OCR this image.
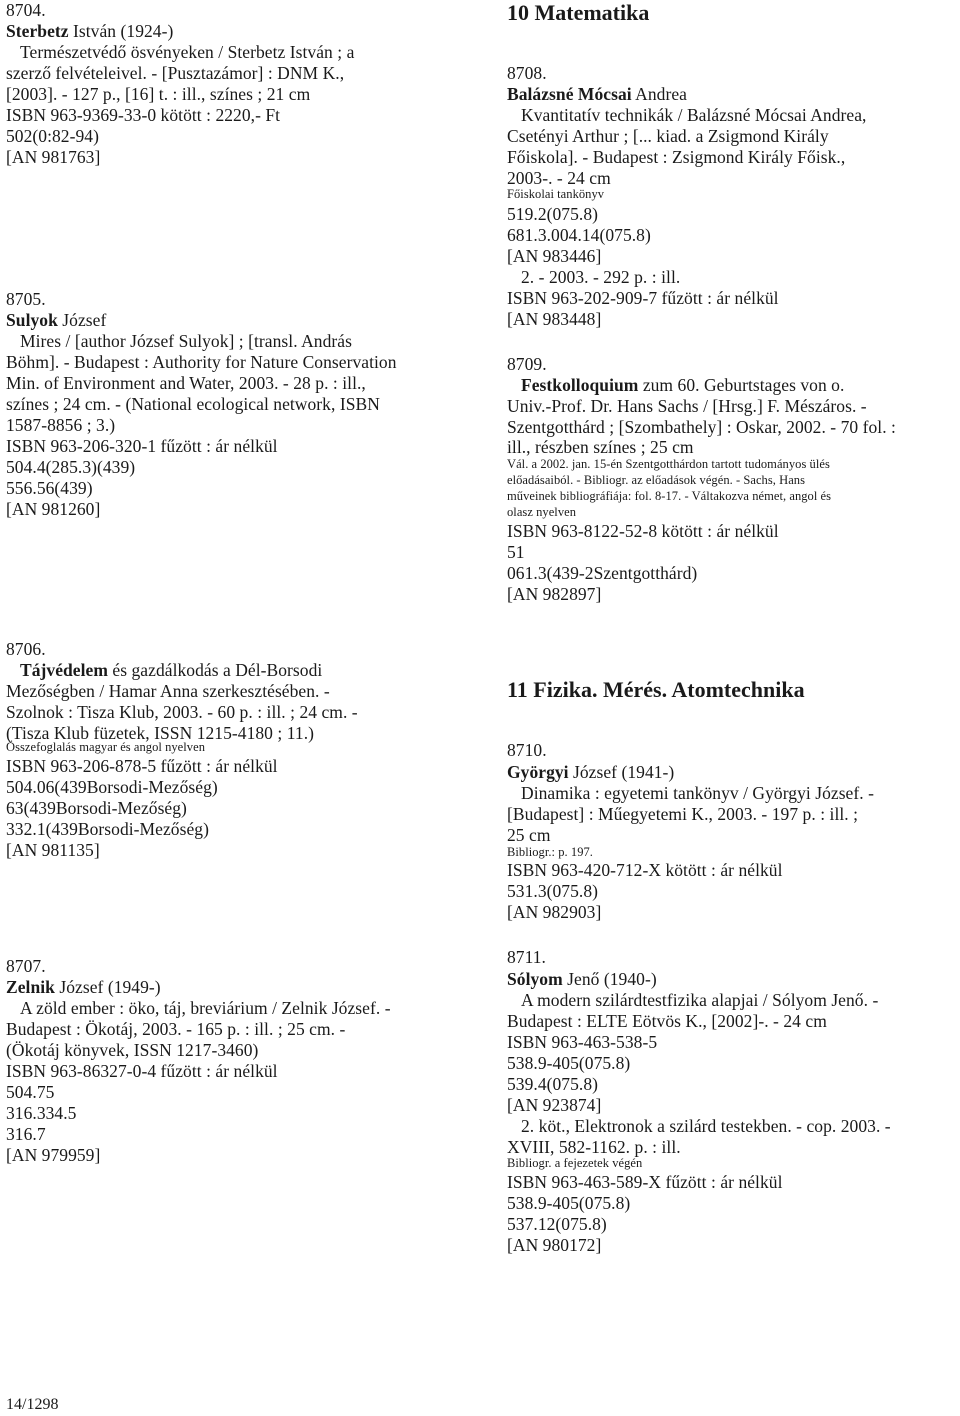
8704.
Sterbetz István (1924-)
Természetvédő ösvényeken / Sterbetz István ; a
szerző felvételeivel. - [Pusztazámor] : DNM K.,
[2003]. - 127 p., [16] t. : ill., színes ; 21 cm
ISBN 963-9369-33-0 kötött : 2220,- Ft
502(0:82-94)
[AN 981763]
8705.
Sulyok József
Mires / [author József Sulyok] ; [transl. András
Böhm]. - Budapest : Authority for Nature Conservation
Min. of Environment and Water, 2003. - 28 p. : ill.,
színes ; 24 cm. - (National ecological network, ISBN
1587-8856 ; 3.)
ISBN 963-206-320-1 fűzött : ár nélkül
504.4(285.3)(439)
556.56(439)
[AN 981260]
8706.
Tájvédelem és gazdálkodás a Dél-Borsodi
Mezőségben / Hamar Anna szerkesztésében. -
Szolnok : Tisza Klub, 2003. - 60 p. : ill. ; 24 cm. -
(Tisza Klub füzetek, ISSN 1215-4180 ; 11.)
Összefoglalás magyar és angol nyelven
ISBN 963-206-878-5 fűzött : ár nélkül
504.06(439Borsodi-Mezőség)
63(439Borsodi-Mezőség)
332.1(439Borsodi-Mezőség)
[AN 981135]
8707.
Zelnik József (1949-)
A zöld ember : öko, táj, breviárium / Zelnik József. -
Budapest : Ökotáj, 2003. - 165 p. : ill. ; 25 cm. -
(Ökotáj könyvek, ISSN 1217-3460)
ISBN 963-86327-0-4 fűzött : ár nélkül
504.75
316.334.5
316.7
[AN 979959]
10 Matematika
8708.
Balázsné Mócsai Andrea
Kvantitatív technikák / Balázsné Mócsai Andrea,
Csetényi Arthur ; [... kiad. a Zsigmond Király
Főiskola]. - Budapest : Zsigmond Király Főisk.,
2003-. - 24 cm
Főiskolai tankönyv
519.2(075.8)
681.3.004.14(075.8)
[AN 983446]
2. - 2003. - 292 p. : ill.
ISBN 963-202-909-7 fűzött : ár nélkül
[AN 983448]
8709.
Festkolloquium zum 60. Geburtstages von o.
Univ.-Prof. Dr. Hans Sachs / [Hrsg.] F. Mészáros. -
Szentgotthárd ; [Szombathely] : Oskar, 2002. - 70 fol. :
ill., részben színes ; 25 cm
Vál. a 2002. jan. 15-én Szentgotthárdon tartott tudományos ülés
előadásaiból. - Bibliogr. az előadások végén. - Sachs, Hans
műveinek bibliográfiája: fol. 8-17. - Váltakozva német, angol és
olasz nyelven
ISBN 963-8122-52-8 kötött : ár nélkül
51
061.3(439-2Szentgotthárd)
[AN 982897]
11 Fizika. Mérés. Atomtechnika
8710.
Györgyi József (1941-)
Dinamika : egyetemi tankönyv / Györgyi József. -
[Budapest] : Műegyetemi K., 2003. - 197 p. : ill. ;
25 cm
Bibliogr.: p. 197.
ISBN 963-420-712-X kötött : ár nélkül
531.3(075.8)
[AN 982903]
8711.
Sólyom Jenő (1940-)
A modern szilárdtestfizika alapjai / Sólyom Jenő. -
Budapest : ELTE Eötvös K., [2002]-. - 24 cm
ISBN 963-463-538-5
538.9-405(075.8)
539.4(075.8)
[AN 923874]
2. köt., Elektronok a szilárd testekben. - cop. 2003. -
XVIII, 582-1162. p. : ill.
Bibliogr. a fejezetek végén
ISBN 963-463-589-X fűzött : ár nélkül
538.9-405(075.8)
537.12(075.8)
[AN 980172]
14/1298
